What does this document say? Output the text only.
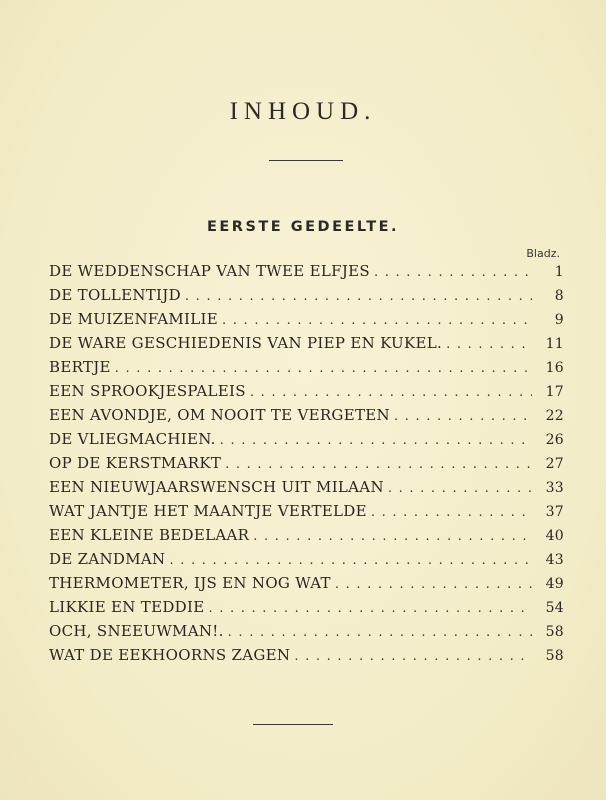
INHOUD.
EERSTE GEDEELTE.
Bladz.
DE WEDDENSCHAP VAN TWEE ELFJES . . .	1
DE TOLLENTIJD . . .	8
DE MUIZENFAMILIE . . .	9
DE WARE GESCHIEDENIS VAN PIEP EN KUKEL. . . .	11
BERTJE . . .	16
EEN SPROOKJESPALEIS . . .	17
EEN AVONDJE, OM NOOIT TE VERGETEN . . .	22
DE VLIEGMACHIEN. . . .	26
OP DE KERSTMARKT . . .	27
EEN NIEUWJAARSWENSCH UIT MILAAN . . .	33
WAT JANTJE HET MAANTJE VERTELDE . . .	37
EEN KLEINE BEDELAAR . . .	40
DE ZANDMAN . . .	43
THERMOMETER, IJS EN NOG WAT . . .	49
LIKKIE EN TEDDIE . . .	54
OCH, SNEEUWMAN!. . . .	58
WAT DE EEKHOORNS ZAGEN . . .	58
